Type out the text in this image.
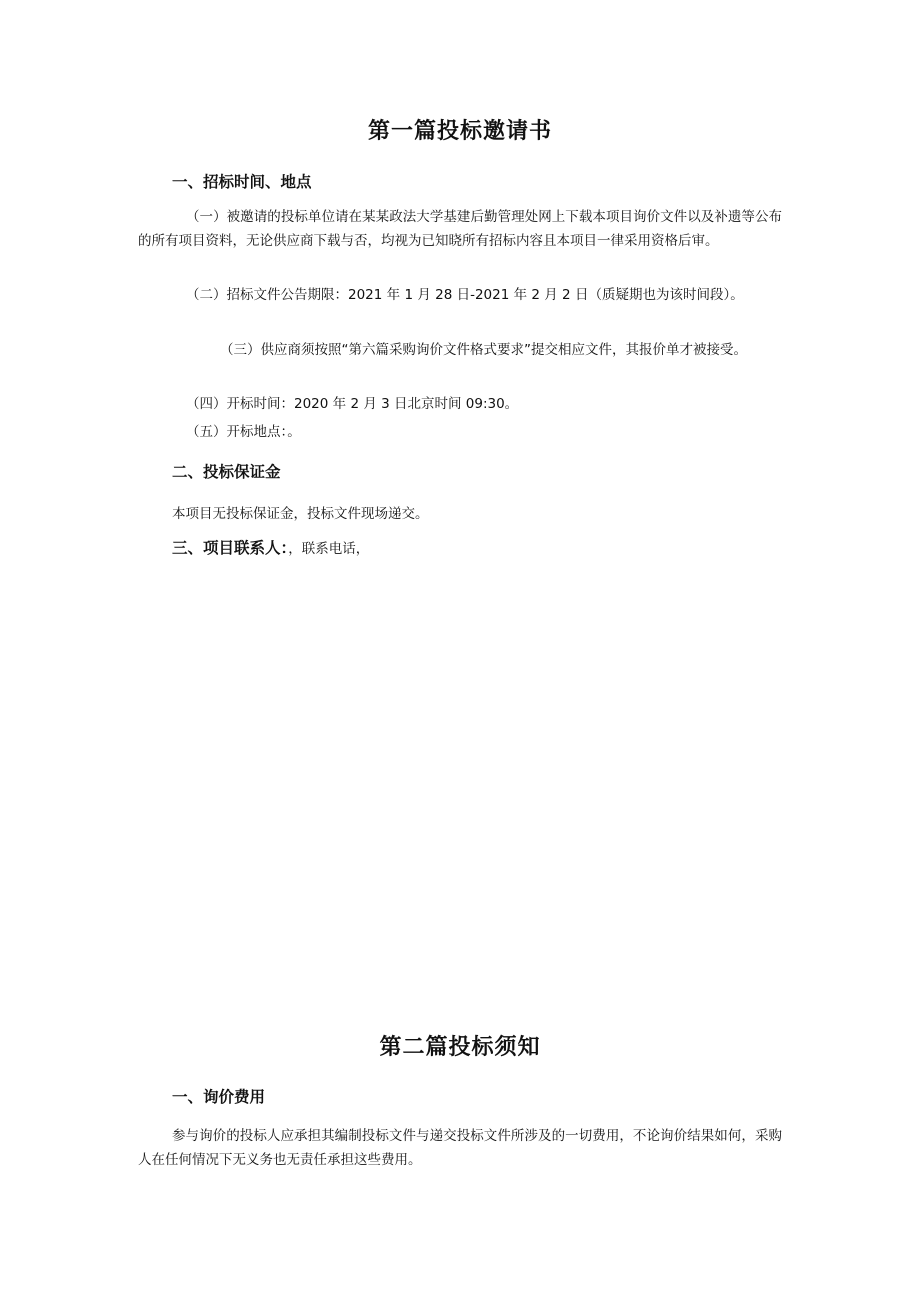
第一篇投标邀请书
一、招标时间、地点
（一）被邀请的投标单位请在某某政法大学基建后勤管理处网上下载本项目询价文件以及补遗等公布的所有项目资料，无论供应商下载与否，均视为已知晓所有招标内容且本项目一律采用资格后审。
（二）招标文件公告期限：2021 年 1 月 28 日-2021 年 2 月 2 日（质疑期也为该时间段）。
（三）供应商须按照“第六篇采购询价文件格式要求”提交相应文件，其报价单才被接受。
（四）开标时间：2020 年 2 月 3 日北京时间 09:30。
（五）开标地点：。
二、投标保证金
本项目无投标保证金，投标文件现场递交。
三、项目联系人：，联系电话，
第二篇投标须知
一、询价费用
参与询价的投标人应承担其编制投标文件与递交投标文件所涉及的一切费用，不论询价结果如何，采购人在任何情况下无义务也无责任承担这些费用。
